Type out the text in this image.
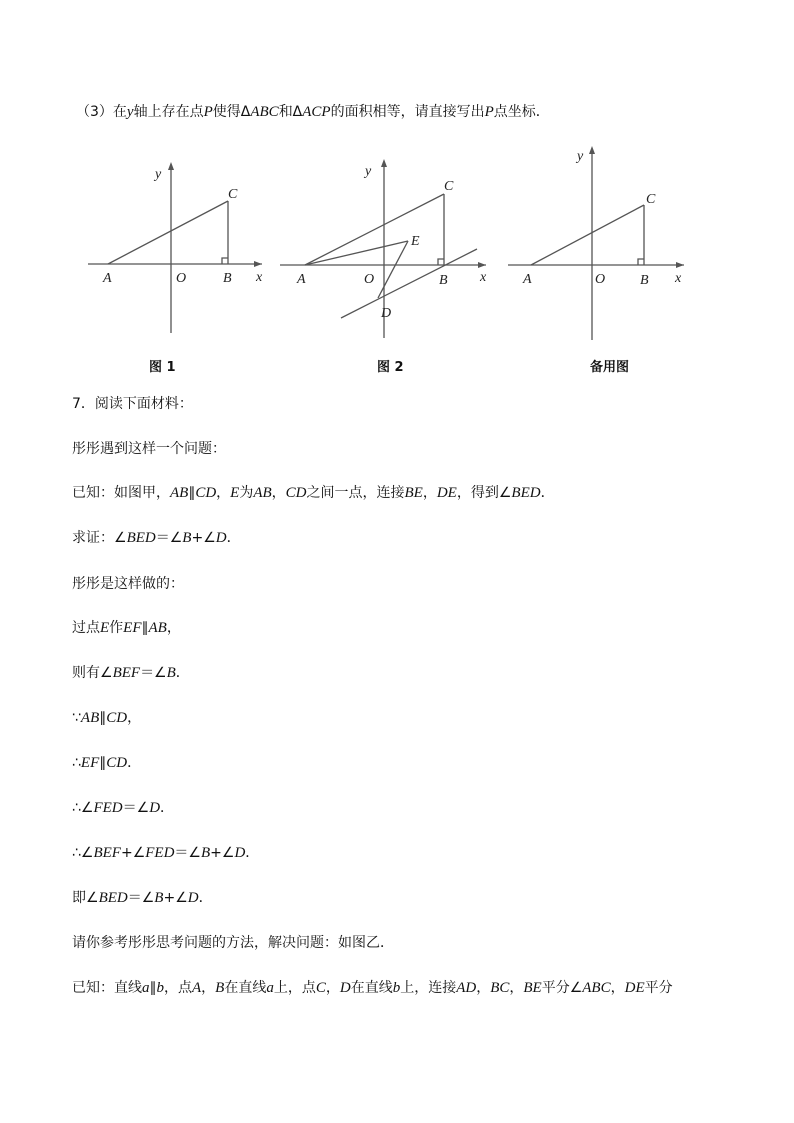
（3）在y轴上存在点P使得ΔABC和ΔACP的面积相等，请直接写出P点坐标．
y
x
A	O	B
C
y
x
A	O	B
C
E
D
y
x
A	O B
C
图 1	图 2	备用图
7．阅读下面材料：
彤彤遇到这样一个问题：
已知：如图甲，AB∥CD，E为AB，CD之间一点，连接BE，DE，得到∠BED．
求证：∠BED＝∠B+∠D．
彤彤是这样做的：
过点E作EF∥AB，
则有∠BEF＝∠B．
∵AB∥CD，
∴EF∥CD．
∴∠FED＝∠D．
∴∠BEF+∠FED＝∠B+∠D．
即∠BED＝∠B+∠D．
请你参考彤彤思考问题的方法，解决问题：如图乙．
已知：直线a∥b，点A，B在直线a上，点C，D在直线b上，连接AD，BC，BE平分∠ABC，DE平分
